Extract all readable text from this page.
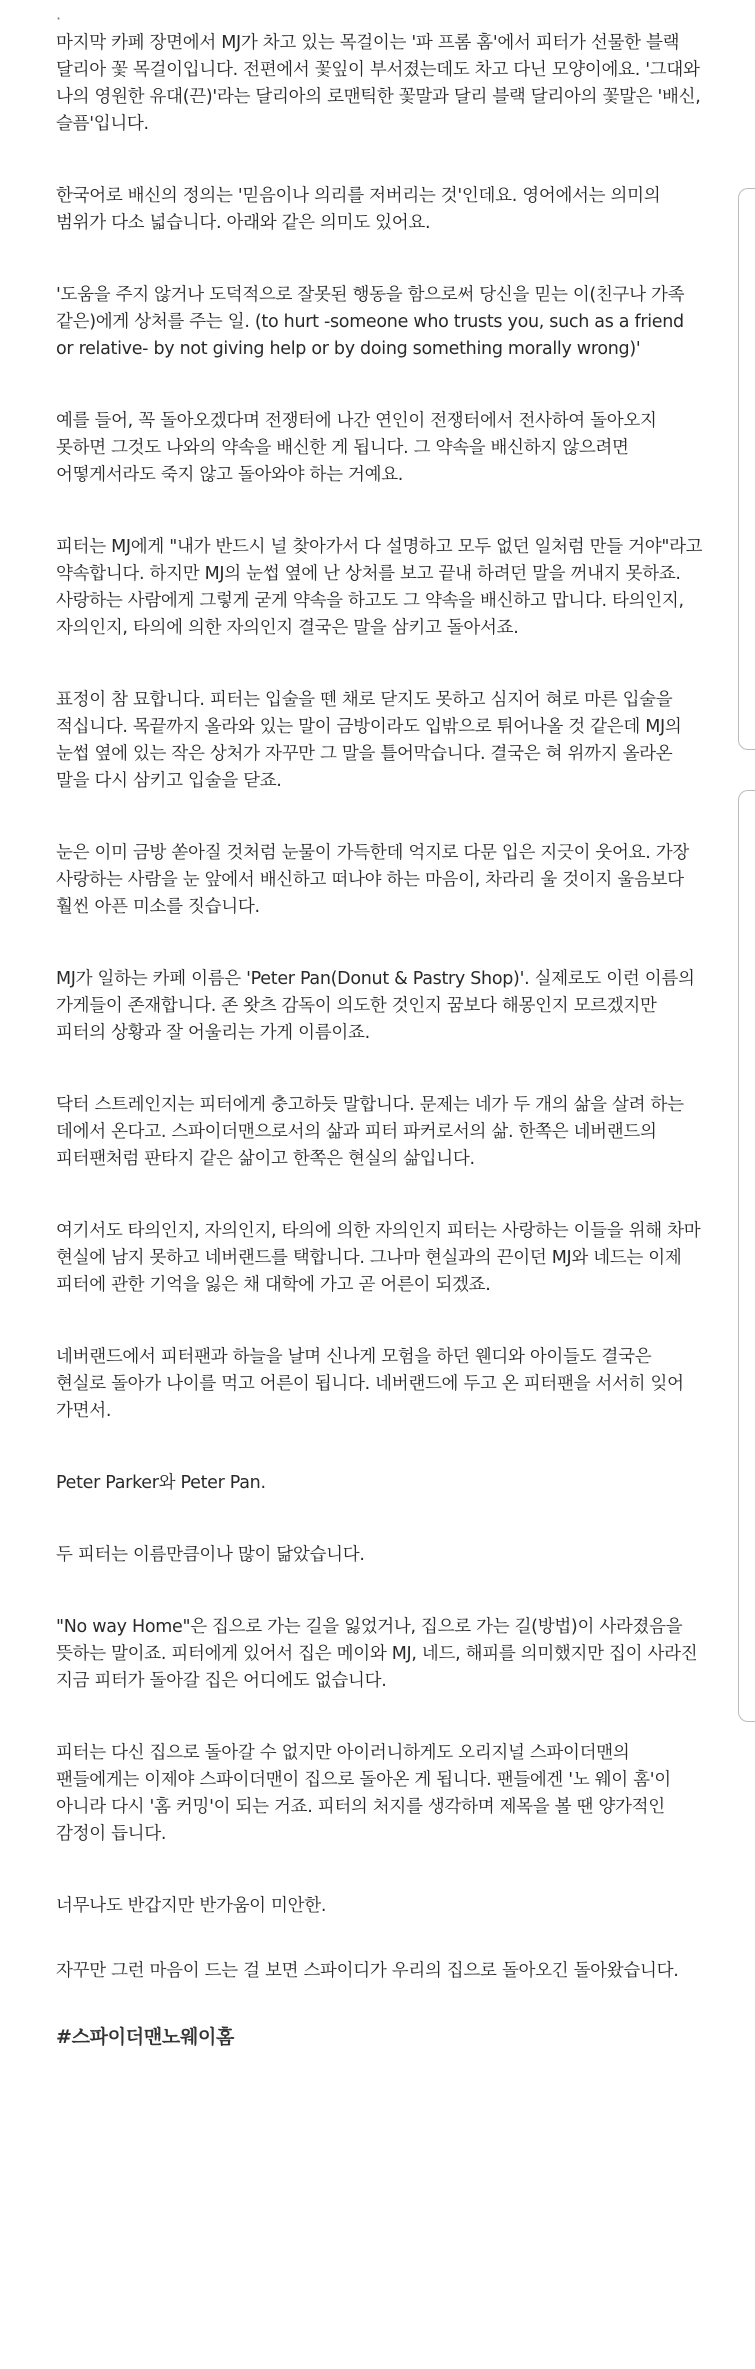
·

마지막 카페 장면에서 MJ가 차고 있는 목걸이는 '파 프롬 홈'에서 피터가 선물한 블랙 달리아 꽃 목걸이입니다. 전편에서 꽃잎이 부서졌는데도 차고 다닌 모양이에요. '그대와 나의 영원한 유대(끈)'라는 달리아의 로맨틱한 꽃말과 달리 블랙 달리아의 꽃말은 '배신, 슬픔'입니다.

한국어로 배신의 정의는 '믿음이나 의리를 저버리는 것'인데요. 영어에서는 의미의 범위가 다소 넓습니다. 아래와 같은 의미도 있어요.

'도움을 주지 않거나 도덕적으로 잘못된 행동을 함으로써 당신을 믿는 이(친구나 가족 같은)에게 상처를 주는 일. (to hurt -someone who trusts you, such as a friend or relative- by not giving help or by doing something morally wrong)'

예를 들어, 꼭 돌아오겠다며 전쟁터에 나간 연인이 전쟁터에서 전사하여 돌아오지 못하면 그것도 나와의 약속을 배신한 게 됩니다. 그 약속을 배신하지 않으려면 어떻게서라도 죽지 않고 돌아와야 하는 거예요.

피터는 MJ에게 "내가 반드시 널 찾아가서 다 설명하고 모두 없던 일처럼 만들 거야"라고 약속합니다. 하지만 MJ의 눈썹 옆에 난 상처를 보고 끝내 하려던 말을 꺼내지 못하죠. 사랑하는 사람에게 그렇게 굳게 약속을 하고도 그 약속을 배신하고 맙니다. 타의인지, 자의인지, 타의에 의한 자의인지 결국은 말을 삼키고 돌아서죠.

표정이 참 묘합니다. 피터는 입술을 뗀 채로 닫지도 못하고 심지어 혀로 마른 입술을 적십니다. 목끝까지 올라와 있는 말이 금방이라도 입밖으로 튀어나올 것 같은데 MJ의 눈썹 옆에 있는 작은 상처가 자꾸만 그 말을 틀어막습니다. 결국은 혀 위까지 올라온 말을 다시 삼키고 입술을 닫죠.

눈은 이미 금방 쏟아질 것처럼 눈물이 가득한데 억지로 다문 입은 지긋이 웃어요. 가장 사랑하는 사람을 눈 앞에서 배신하고 떠나야 하는 마음이, 차라리 울 것이지 울음보다 훨씬 아픈 미소를 짓습니다.

MJ가 일하는 카페 이름은 'Peter Pan(Donut & Pastry Shop)'. 실제로도 이런 이름의 가게들이 존재합니다. 존 왓츠 감독이 의도한 것인지 꿈보다 해몽인지 모르겠지만 피터의 상황과 잘 어울리는 가게 이름이죠.

닥터 스트레인지는 피터에게 충고하듯 말합니다. 문제는 네가 두 개의 삶을 살려 하는 데에서 온다고. 스파이더맨으로서의 삶과 피터 파커로서의 삶. 한쪽은 네버랜드의 피터팬처럼 판타지 같은 삶이고 한쪽은 현실의 삶입니다.

여기서도 타의인지, 자의인지, 타의에 의한 자의인지 피터는 사랑하는 이들을 위해 차마 현실에 남지 못하고 네버랜드를 택합니다. 그나마 현실과의 끈이던 MJ와 네드는 이제 피터에 관한 기억을 잃은 채 대학에 가고 곧 어른이 되겠죠.

네버랜드에서 피터팬과 하늘을 날며 신나게 모험을 하던 웬디와 아이들도 결국은 현실로 돌아가 나이를 먹고 어른이 됩니다. 네버랜드에 두고 온 피터팬을 서서히 잊어 가면서.

Peter Parker와 Peter Pan.

두 피터는 이름만큼이나 많이 닮았습니다.

"No way Home"은 집으로 가는 길을 잃었거나, 집으로 가는 길(방법)이 사라졌음을 뜻하는 말이죠. 피터에게 있어서 집은 메이와 MJ, 네드, 해피를 의미했지만 집이 사라진 지금 피터가 돌아갈 집은 어디에도 없습니다.

피터는 다신 집으로 돌아갈 수 없지만 아이러니하게도 오리지널 스파이더맨의 팬들에게는 이제야 스파이더맨이 집으로 돌아온 게 됩니다. 팬들에겐 '노 웨이 홈'이 아니라 다시 '홈 커밍'이 되는 거죠. 피터의 처지를 생각하며 제목을 볼 땐 양가적인 감정이 듭니다.

너무나도 반갑지만 반가움이 미안한.

자꾸만 그런 마음이 드는 걸 보면 스파이디가 우리의 집으로 돌아오긴 돌아왔습니다.

#스파이더맨노웨이홈
